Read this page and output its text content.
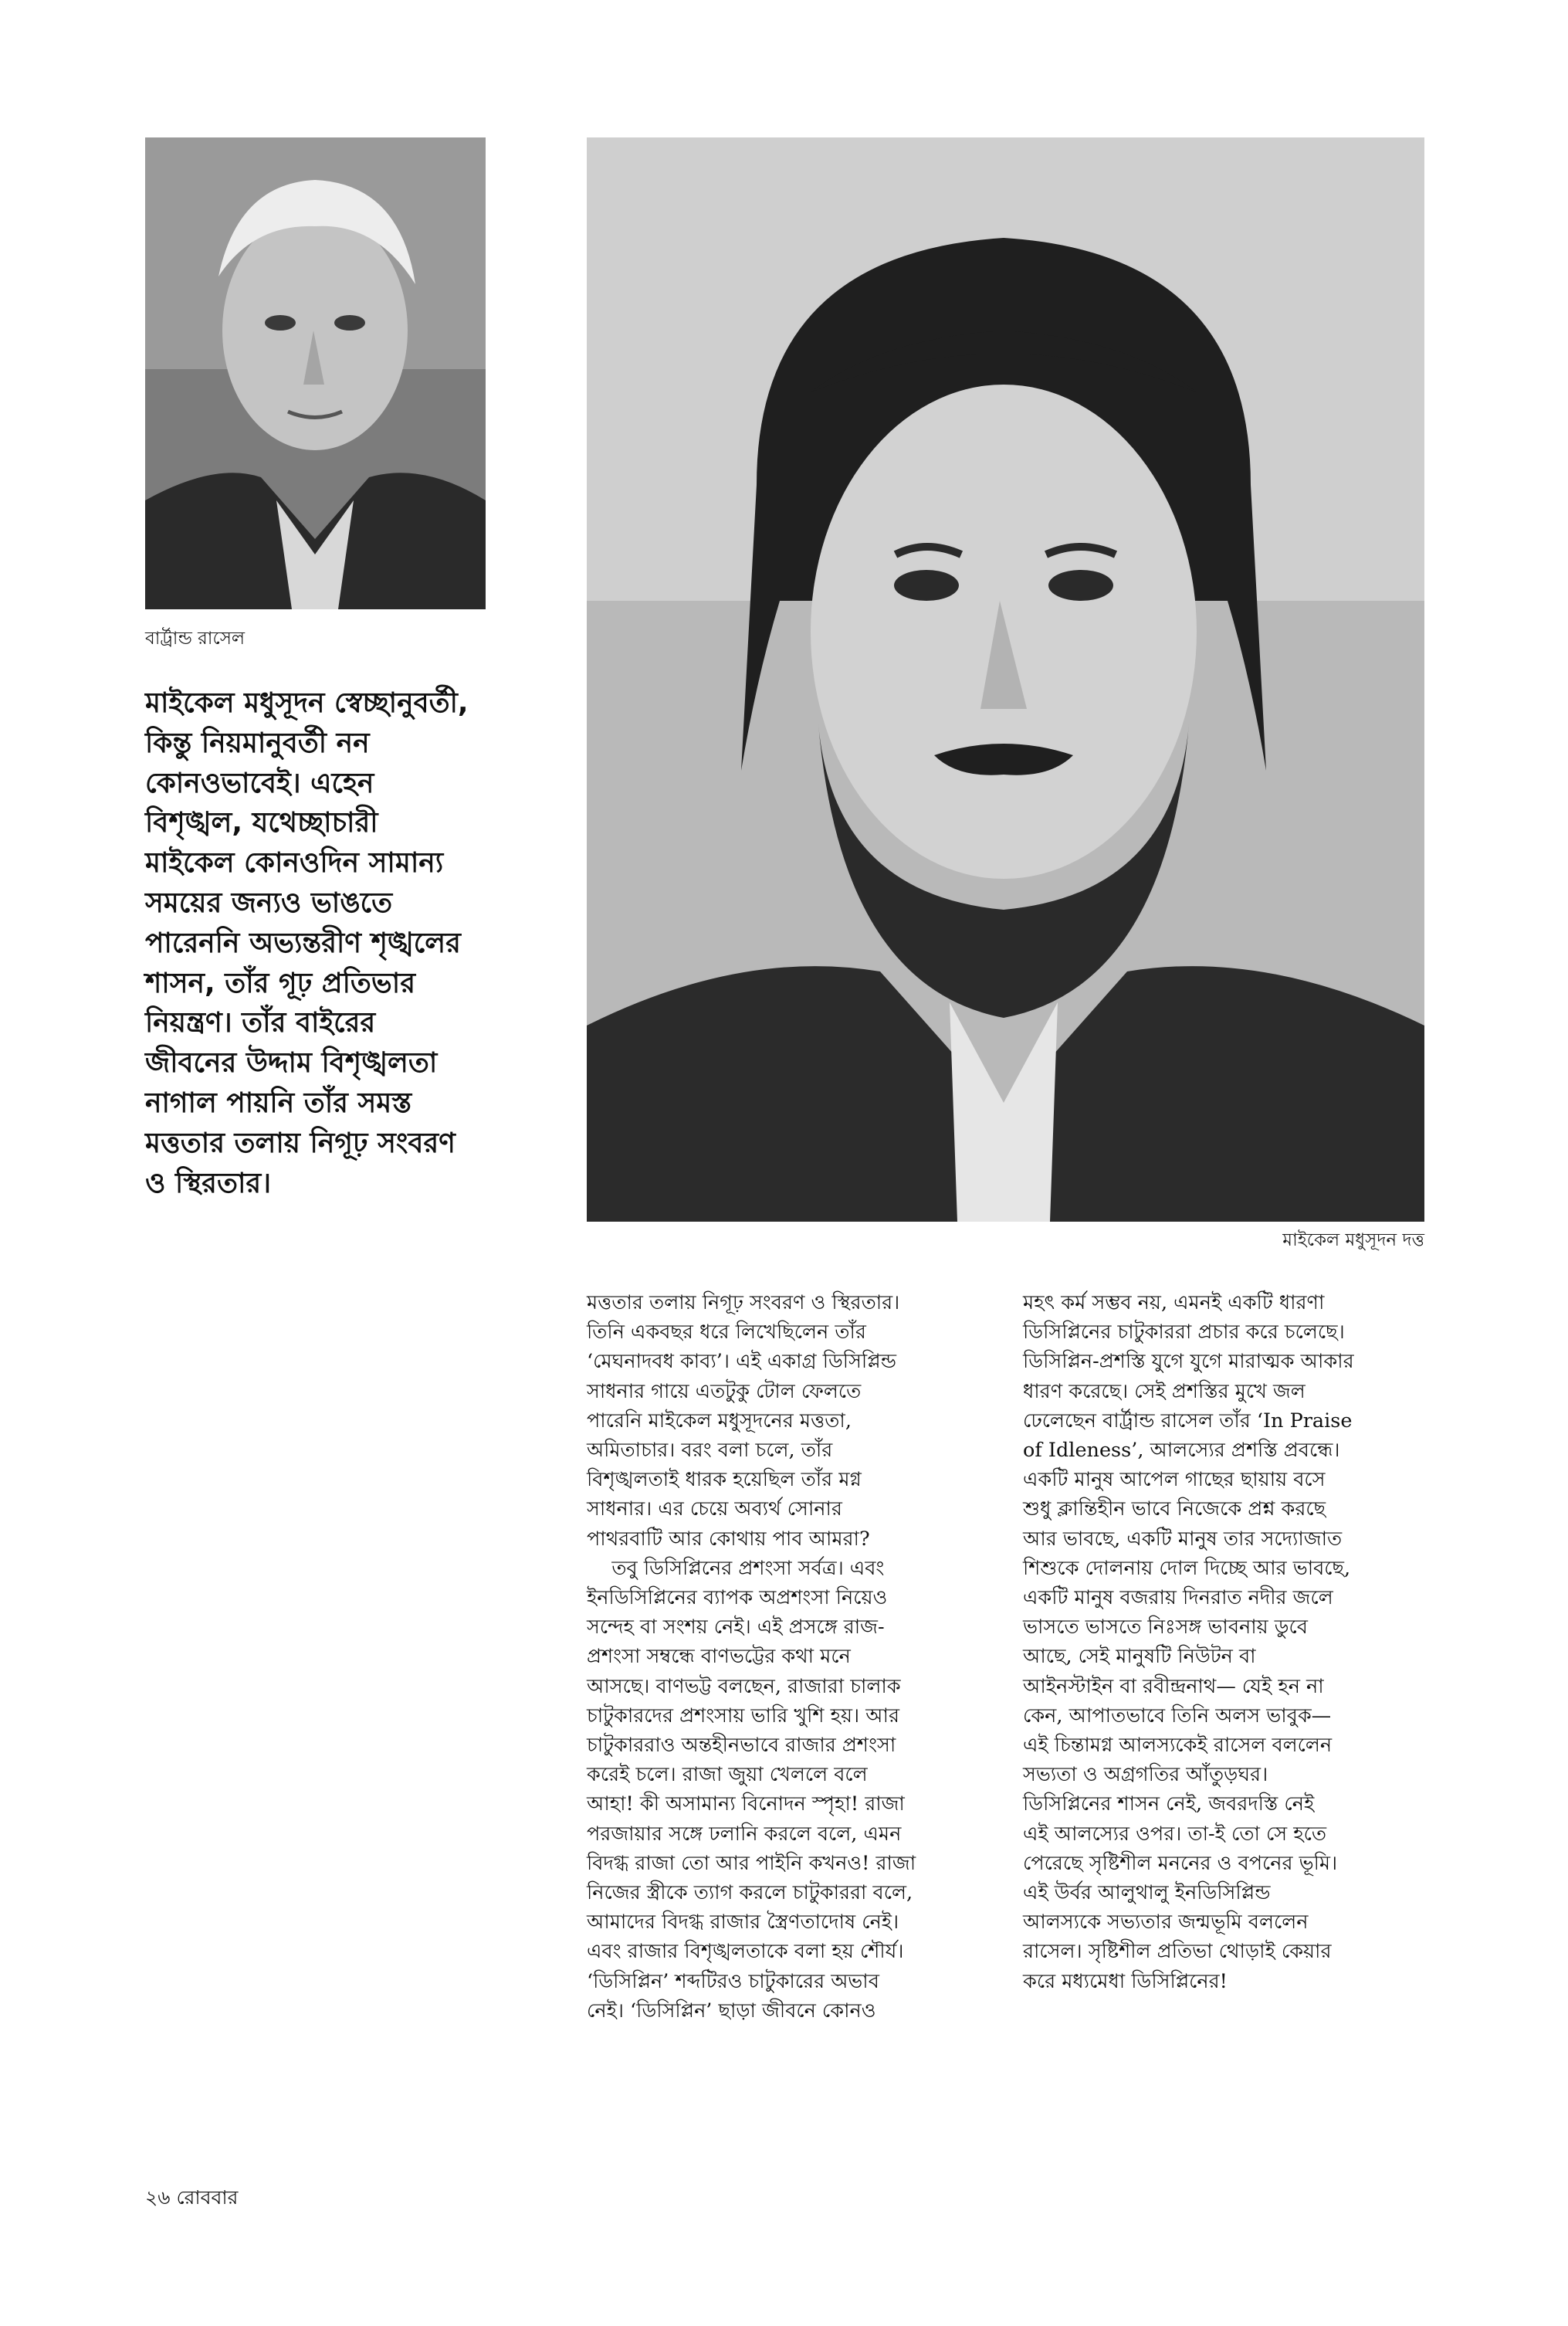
বার্ট্রান্ড রাসেল
মাইকেল মধুসূদন দত্ত
মাইকেল মধুসূদন স্বেচ্ছানুবর্তী,
কিন্তু নিয়মানুবর্তী নন
কোনওভাবেই। এহেন
বিশৃঙ্খল, যথেচ্ছাচারী
মাইকেল কোনওদিন সামান্য
সময়ের জন্যও ভাঙতে
পারেননি অভ্যন্তরীণ শৃঙ্খলের
শাসন, তাঁর গূঢ় প্রতিভার
নিয়ন্ত্রণ। তাঁর বাইরের
জীবনের উদ্দাম বিশৃঙ্খলতা
নাগাল পায়নি তাঁর সমস্ত
মত্ততার তলায় নিগূঢ় সংবরণ
ও স্থিরতার।
মত্ততার তলায় নিগূঢ় সংবরণ ও স্থিরতার।
তিনি একবছর ধরে লিখেছিলেন তাঁর
‘মেঘনাদবধ কাব্য’। এই একাগ্র ডিসিপ্লিন্ড
সাধনার গায়ে এতটুকু টোল ফেলতে
পারেনি মাইকেল মধুসূদনের মত্ততা,
অমিতাচার। বরং বলা চলে, তাঁর
বিশৃঙ্খলতাই ধারক হয়েছিল তাঁর মগ্ন
সাধনার। এর চেয়ে অব্যর্থ সোনার
পাথরবাটি আর কোথায় পাব আমরা?
তবু ডিসিপ্লিনের প্রশংসা সর্বত্র। এবং
ইনডিসিপ্লিনের ব্যাপক অপ্রশংসা নিয়েও
সন্দেহ বা সংশয় নেই। এই প্রসঙ্গে রাজ-
প্রশংসা সম্বন্ধে বাণভট্টের কথা মনে
আসছে। বাণভট্ট বলছেন, রাজারা চালাক
চাটুকারদের প্রশংসায় ভারি খুশি হয়। আর
চাটুকাররাও অন্তহীনভাবে রাজার প্রশংসা
করেই চলে। রাজা জুয়া খেললে বলে
আহা! কী অসামান্য বিনোদন স্পৃহা! রাজা
পরজায়ার সঙ্গে ঢলানি করলে বলে, এমন
বিদগ্ধ রাজা তো আর পাইনি কখনও! রাজা
নিজের স্ত্রীকে ত্যাগ করলে চাটুকাররা বলে,
আমাদের বিদগ্ধ রাজার স্ত্রৈণতাদোষ নেই।
এবং রাজার বিশৃঙ্খলতাকে বলা হয় শৌর্য।
‘ডিসিপ্লিন’ শব্দটিরও চাটুকারের অভাব
নেই। ‘ডিসিপ্লিন’ ছাড়া জীবনে কোনও
মহৎ কর্ম সম্ভব নয়, এমনই একটি ধারণা
ডিসিপ্লিনের চাটুকাররা প্রচার করে চলেছে।
ডিসিপ্লিন-প্রশস্তি যুগে যুগে মারাত্মক আকার
ধারণ করেছে। সেই প্রশস্তির মুখে জল
ঢেলেছেন বার্ট্রান্ড রাসেল তাঁর ‘In Praise
of Idleness’, আলস্যের প্রশস্তি প্রবন্ধে।
একটি মানুষ আপেল গাছের ছায়ায় বসে
শুধু ক্লান্তিহীন ভাবে নিজেকে প্রশ্ন করছে
আর ভাবছে, একটি মানুষ তার সদ্যোজাত
শিশুকে দোলনায় দোল দিচ্ছে আর ভাবছে,
একটি মানুষ বজরায় দিনরাত নদীর জলে
ভাসতে ভাসতে নিঃসঙ্গ ভাবনায় ডুবে
আছে, সেই মানুষটি নিউটন বা
আইনস্টাইন বা রবীন্দ্রনাথ— যেই হন না
কেন, আপাতভাবে তিনি অলস ভাবুক—
এই চিন্তামগ্ন আলস্যকেই রাসেল বললেন
সভ্যতা ও অগ্রগতির আঁতুড়ঘর।
ডিসিপ্লিনের শাসন নেই, জবরদস্তি নেই
এই আলস্যের ওপর। তা-ই তো সে হতে
পেরেছে সৃষ্টিশীল মননের ও বপনের ভূমি।
এই উর্বর আলুথালু ইনডিসিপ্লিন্ড
আলস্যকে সভ্যতার জন্মভূমি বললেন
রাসেল। সৃষ্টিশীল প্রতিভা থোড়াই কেয়ার
করে মধ্যমেধা ডিসিপ্লিনের!
২৬ রোববার
